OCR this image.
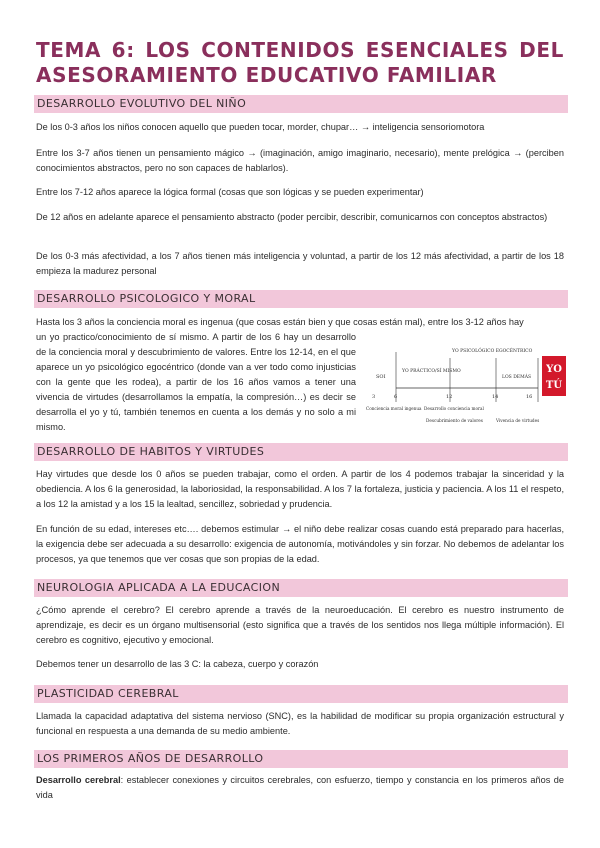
TEMA 6: LOS CONTENIDOS ESENCIALES DEL ASESORAMIENTO EDUCATIVO FAMILIAR
DESARROLLO EVOLUTIVO DEL NIÑO

De los 0-3 años los niños conocen aquello que pueden tocar, morder, chupar… → inteligencia sensoriomotora

Entre los 3-7 años tienen un pensamiento mágico → (imaginación, amigo imaginario, necesario), mente prelógica → (perciben conocimientos abstractos, pero no son capaces de hablarlos).

Entre los 7-12 años aparece la lógica formal (cosas que son lógicas y se pueden experimentar)

De 12 años en adelante aparece el pensamiento abstracto (poder percibir, describir, comunicarnos con conceptos abstractos)

De los 0-3 más afectividad, a los 7 años tienen más inteligencia y voluntad, a partir de los 12 más afectividad, a partir de los 18 empieza la madurez personal

DESARROLLO PSICOLOGICO Y MORAL

Hasta los 3 años la conciencia moral es ingenua (que cosas están bien y que cosas están mal), entre los 3-12 años hay

un yo practico/conocimiento de sí mismo. A partir de los 6 hay un desarrollo de la conciencia moral y descubrimiento de valores. Entre los 12-14, en el que aparece un yo psicológico egocéntrico (donde van a ver todo como injusticias con la gente que les rodea), a partir de los 16 años vamos a tener una vivencia de virtudes (desarrollamos la empatía, la compresión…) es decir se desarrolla el yo y tú, también tenemos en cuenta a los demás y no solo a mi mismo.

SOI
YO PRÁCTICO/SÍ MISMO
YO PSICOLÓGICO EGOCÉNTRICO
LOS DEMÁS
3	6	12	14	16
YO
TÚ
Conciencia moral ingenua Desarrollo conciencia moral
Descubrimiento de valores	Vivencia de virtudes
DESARROLLO DE HABITOS Y VIRTUDES

Hay virtudes que desde los 0 años se pueden trabajar, como el orden. A partir de los 4 podemos trabajar la sinceridad y la obediencia. A los 6 la generosidad, la laboriosidad, la responsabilidad. A los 7 la fortaleza, justicia y paciencia. A los 11 el respeto, a los 12 la amistad y a los 15 la lealtad, sencillez, sobriedad y prudencia.

En función de su edad, intereses etc…. debemos estimular → el niño debe realizar cosas cuando está preparado para hacerlas, la exigencia debe ser adecuada a su desarrollo: exigencia de autonomía, motivándoles y sin forzar. No debemos de adelantar los procesos, ya que tenemos que ver cosas que son propias de la edad.

NEUROLOGIA APLICADA A LA EDUCACION

¿Cómo aprende el cerebro? El cerebro aprende a través de la neuroeducación. El cerebro es nuestro instrumento de aprendizaje, es decir es un órgano multisensorial (esto significa que a través de los sentidos nos llega múltiple información). El cerebro es cognitivo, ejecutivo y emocional.

Debemos tener un desarrollo de las 3 C: la cabeza, cuerpo y corazón

PLASTICIDAD CEREBRAL

Llamada la capacidad adaptativa del sistema nervioso (SNC), es la habilidad de modificar su propia organización estructural y funcional en respuesta a una demanda de su medio ambiente.

LOS PRIMEROS AÑOS DE DESARROLLO

Desarrollo cerebral: establecer conexiones y circuitos cerebrales, con esfuerzo, tiempo y constancia en los primeros años de vida
